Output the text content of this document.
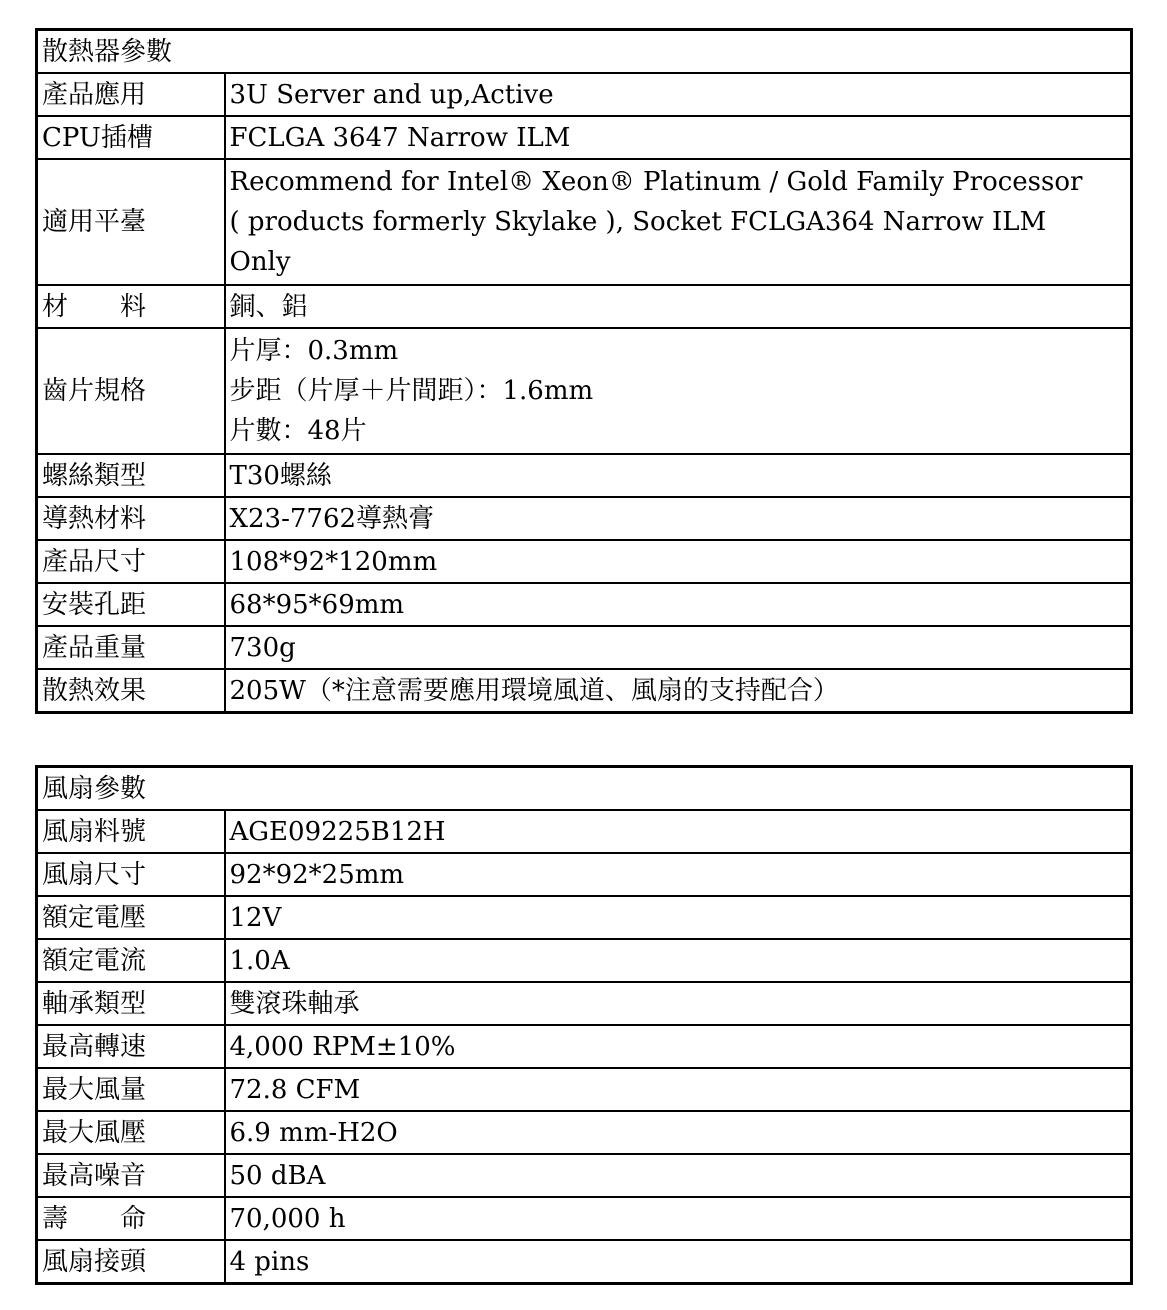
散熱器參數	
產品應用	3U Server and up,Active
CPU插槽	FCLGA 3647 Narrow ILM
適用平臺	Recommend for Intel® Xeon® Platinum / Gold Family Processor
( products formerly Skylake ), Socket FCLGA364 Narrow ILM
Only

材　　料	銅、鋁
齒片規格	片厚：0.3mm
步距（片厚＋片間距）：1.6mm
片數：48片

螺絲類型	T30螺絲
導熱材料	X23-7762導熱膏
產品尺寸	108*92*120mm
安裝孔距	68*95*69mm
產品重量	730g
散熱效果	205W（*注意需要應用環境風道、風扇的支持配合）
風扇參數	
風扇料號	AGE09225B12H
風扇尺寸	92*92*25mm
額定電壓	12V
額定電流	1.0A
軸承類型	雙滾珠軸承
最高轉速	4,000 RPM±10%
最大風量	72.8 CFM
最大風壓	6.9 mm-H2O
最高噪音	50 dBA
壽　　命	70,000 h
風扇接頭	4 pins
